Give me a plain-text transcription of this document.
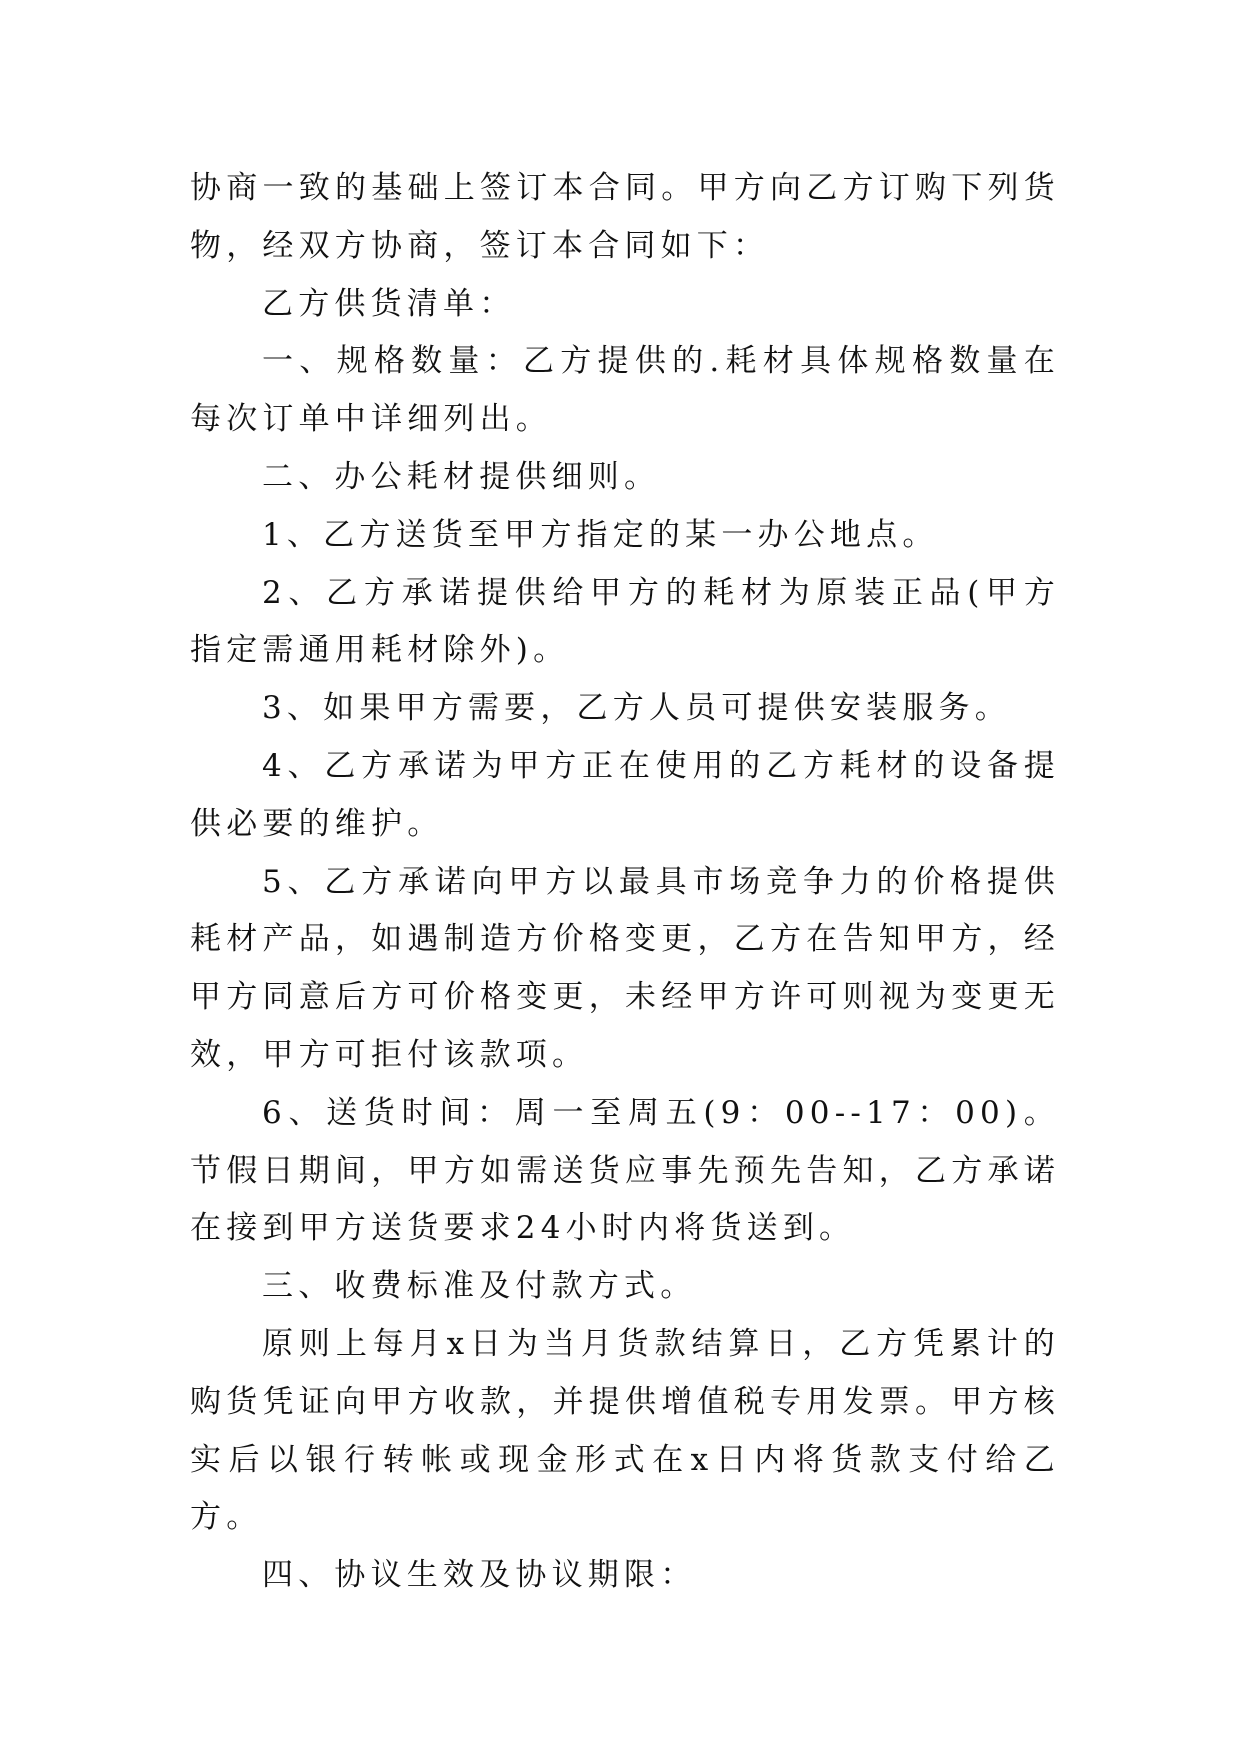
协商一致的基础上签订本合同。甲方向乙方订购下列货物，经双方协商，签订本合同如下：

乙方供货清单：

一、规格数量：乙方提供的.耗材具体规格数量在每次订单中详细列出。

二、办公耗材提供细则。

1、乙方送货至甲方指定的某一办公地点。

2、乙方承诺提供给甲方的耗材为原装正品(甲方指定需通用耗材除外)。

3、如果甲方需要，乙方人员可提供安装服务。

4、乙方承诺为甲方正在使用的乙方耗材的设备提供必要的维护。

5、乙方承诺向甲方以最具市场竞争力的价格提供耗材产品，如遇制造方价格变更，乙方在告知甲方，经甲方同意后方可价格变更，未经甲方许可则视为变更无效，甲方可拒付该款项。

6、送货时间：周一至周五(9：00--17：00)。节假日期间，甲方如需送货应事先预先告知，乙方承诺在接到甲方送货要求24小时内将货送到。

三、收费标准及付款方式。

原则上每月x日为当月货款结算日，乙方凭累计的购货凭证向甲方收款，并提供增值税专用发票。甲方核实后以银行转帐或现金形式在x日内将货款支付给乙方。

四、协议生效及协议期限：
